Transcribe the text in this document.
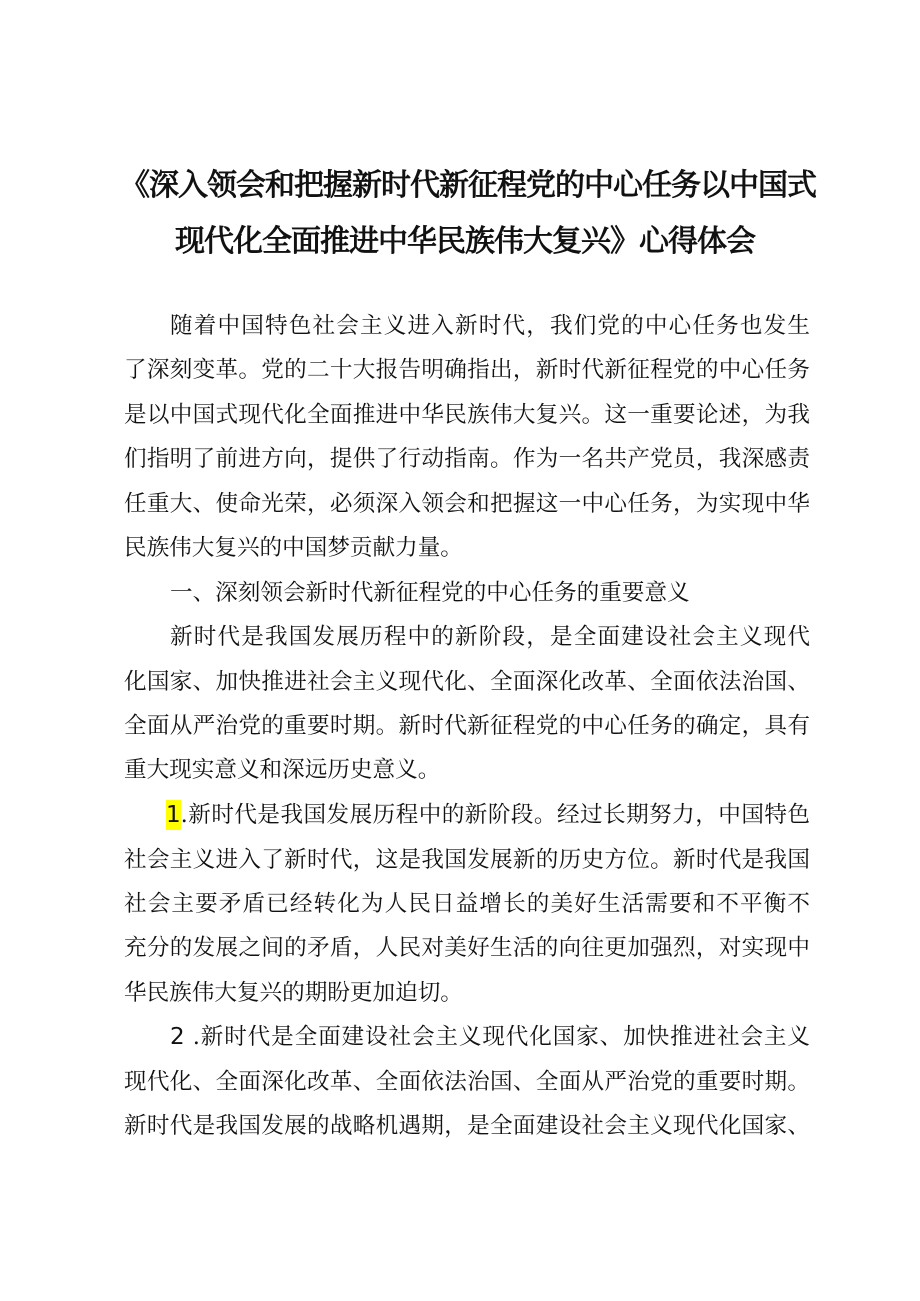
《深入领会和把握新时代新征程党的中心任务以中国式
现代化全面推进中华民族伟大复兴》心得体会
随着中国特色社会主义进入新时代，我们党的中心任务也发生
了深刻变革。党的二十大报告明确指出，新时代新征程党的中心任务
是以中国式现代化全面推进中华民族伟大复兴。这一重要论述，为我
们指明了前进方向，提供了行动指南。作为一名共产党员，我深感责
任重大、使命光荣，必须深入领会和把握这一中心任务，为实现中华
民族伟大复兴的中国梦贡献力量。
一、深刻领会新时代新征程党的中心任务的重要意义
新时代是我国发展历程中的新阶段，是全面建设社会主义现代
化国家、加快推进社会主义现代化、全面深化改革、全面依法治国、
全面从严治党的重要时期。新时代新征程党的中心任务的确定，具有
重大现实意义和深远历史意义。
1.新时代是我国发展历程中的新阶段。经过长期努力，中国特色
社会主义进入了新时代，这是我国发展新的历史方位。新时代是我国
社会主要矛盾已经转化为人民日益增长的美好生活需要和不平衡不
充分的发展之间的矛盾，人民对美好生活的向往更加强烈，对实现中
华民族伟大复兴的期盼更加迫切。
2 .新时代是全面建设社会主义现代化国家、加快推进社会主义
现代化、全面深化改革、全面依法治国、全面从严治党的重要时期。
新时代是我国发展的战略机遇期，是全面建设社会主义现代化国家、
